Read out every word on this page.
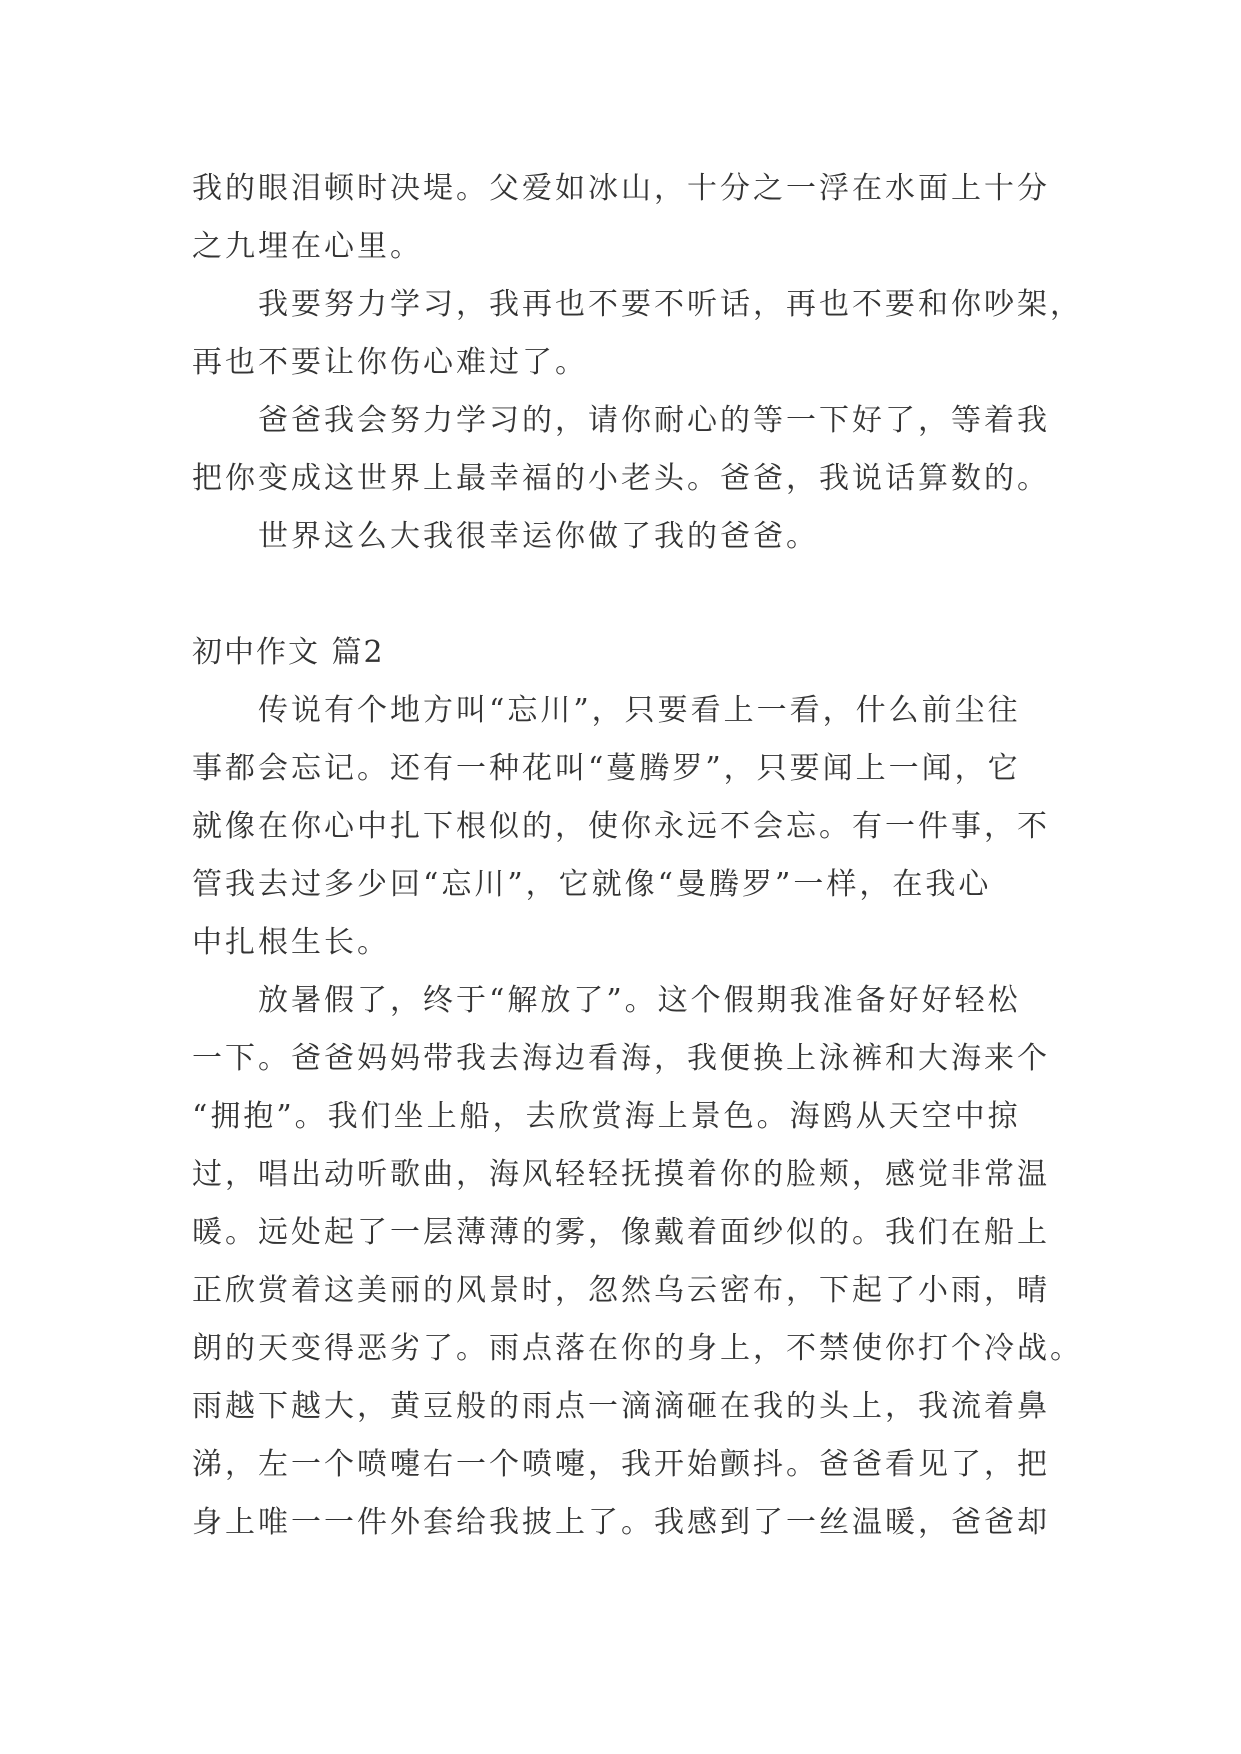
我的眼泪顿时决堤。父爱如冰山，十分之一浮在水面上十分
之九埋在心里。

我要努力学习，我再也不要不听话，再也不要和你吵架，
再也不要让你伤心难过了。

爸爸我会努力学习的，请你耐心的等一下好了，等着我
把你变成这世界上最幸福的小老头。爸爸，我说话算数的。

世界这么大我很幸运你做了我的爸爸。

初中作文 篇2

传说有个地方叫“忘川”，只要看上一看，什么前尘往
事都会忘记。还有一种花叫“蔓腾罗”，只要闻上一闻，它
就像在你心中扎下根似的，使你永远不会忘。有一件事，不
管我去过多少回“忘川”，它就像“曼腾罗”一样，在我心
中扎根生长。

放暑假了，终于“解放了”。这个假期我准备好好轻松
一下。爸爸妈妈带我去海边看海，我便换上泳裤和大海来个
“拥抱”。我们坐上船，去欣赏海上景色。海鸥从天空中掠
过，唱出动听歌曲，海风轻轻抚摸着你的脸颊，感觉非常温
暖。远处起了一层薄薄的雾，像戴着面纱似的。我们在船上
正欣赏着这美丽的风景时，忽然乌云密布，下起了小雨，晴
朗的天变得恶劣了。雨点落在你的身上，不禁使你打个冷战。
雨越下越大，黄豆般的雨点一滴滴砸在我的头上，我流着鼻
涕，左一个喷嚏右一个喷嚏，我开始颤抖。爸爸看见了，把
身上唯一一件外套给我披上了。我感到了一丝温暖，爸爸却
